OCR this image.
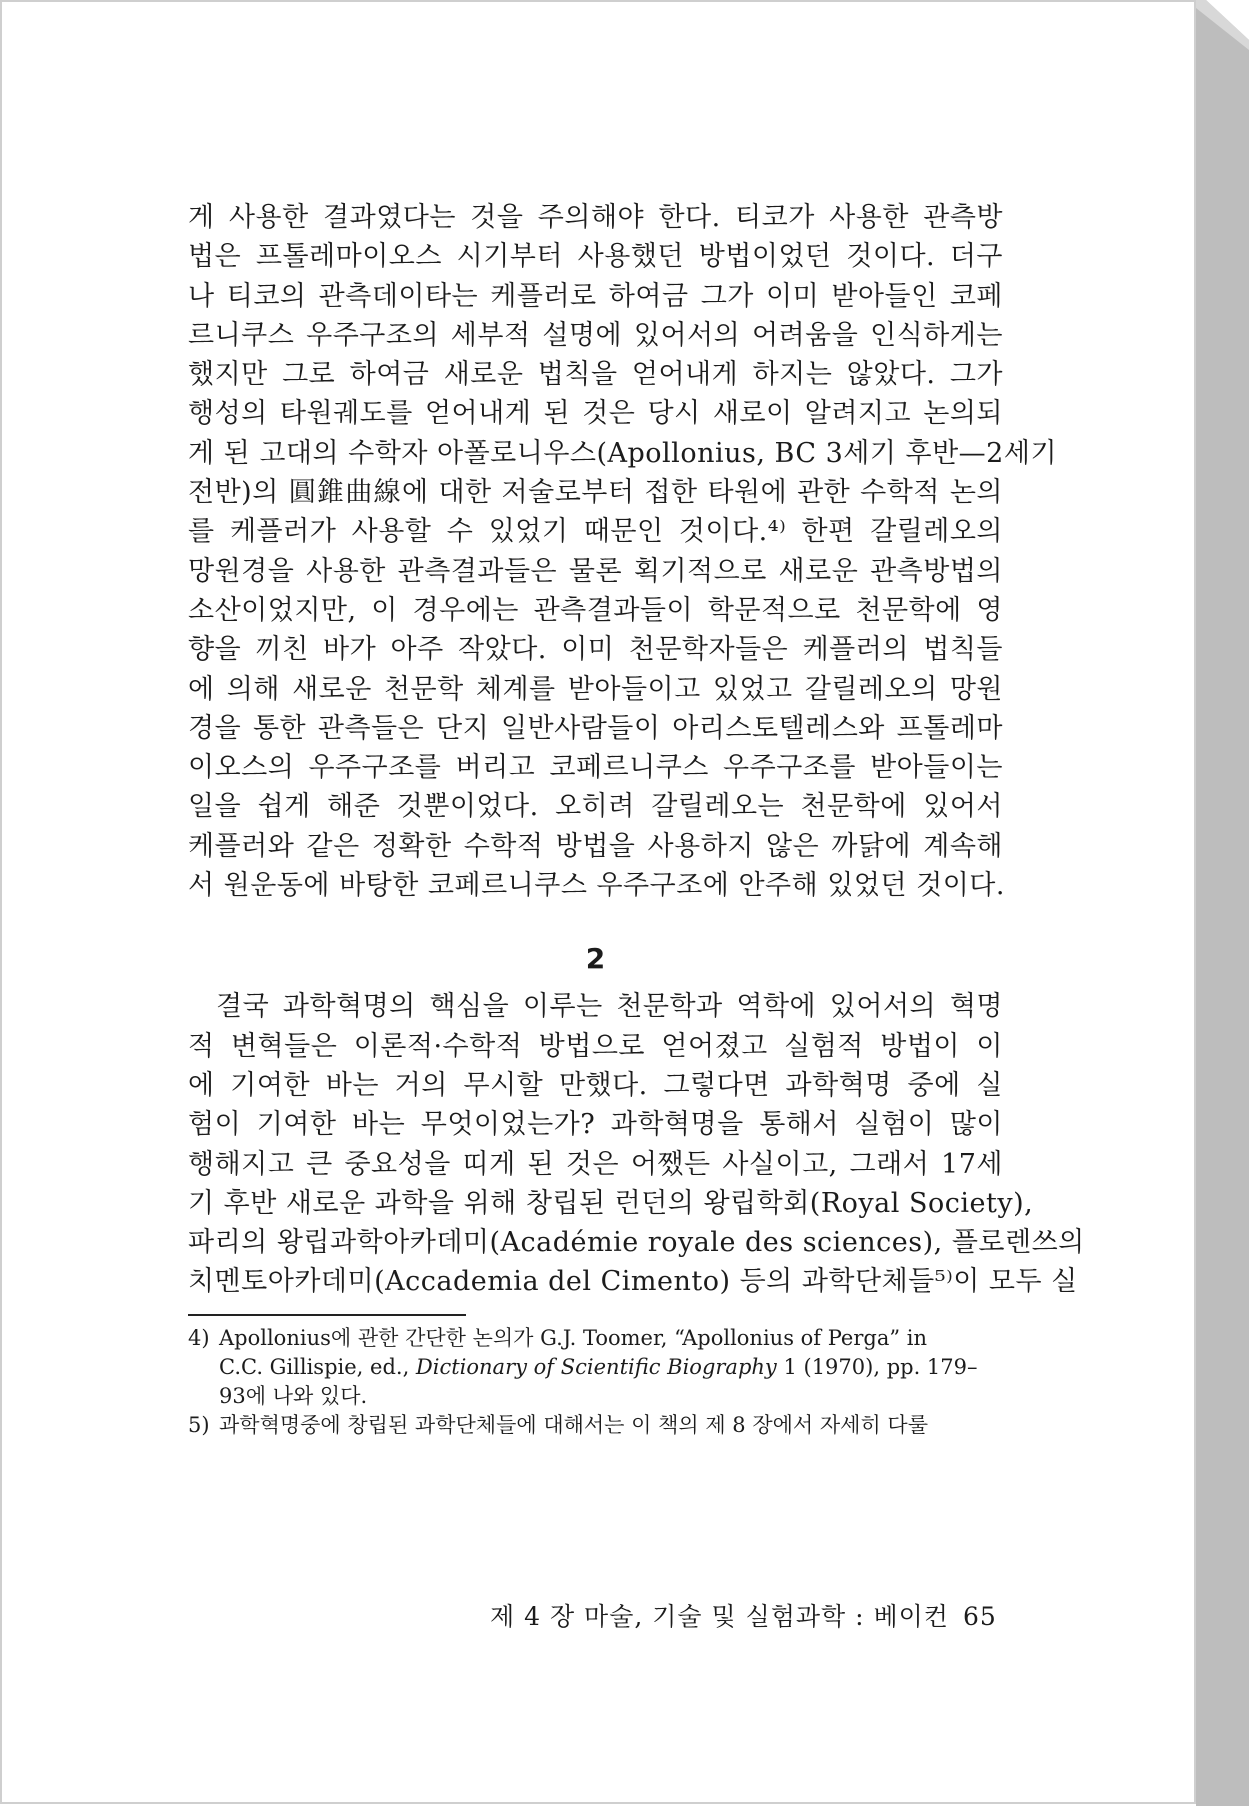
게 사용한 결과였다는 것을 주의해야 한다. 티코가 사용한 관측방
법은 프톨레마이오스 시기부터 사용했던 방법이었던 것이다. 더구
나 티코의 관측데이타는 케플러로 하여금 그가 이미 받아들인 코페
르니쿠스 우주구조의 세부적 설명에 있어서의 어려움을 인식하게는
했지만 그로 하여금 새로운 법칙을 얻어내게 하지는 않았다. 그가
행성의 타원궤도를 얻어내게 된 것은 당시 새로이 알려지고 논의되
게 된 고대의 수학자 아폴로니우스(Apollonius, BC 3세기 후반—2세기
전반)의 圓錐曲線에 대한 저술로부터 접한 타원에 관한 수학적 논의
를 케플러가 사용할 수 있었기 때문인 것이다.⁴⁾ 한편 갈릴레오의
망원경을 사용한 관측결과들은 물론 획기적으로 새로운 관측방법의
소산이었지만, 이 경우에는 관측결과들이 학문적으로 천문학에 영
향을 끼친 바가 아주 작았다. 이미 천문학자들은 케플러의 법칙들
에 의해 새로운 천문학 체계를 받아들이고 있었고 갈릴레오의 망원
경을 통한 관측들은 단지 일반사람들이 아리스토텔레스와 프톨레마
이오스의 우주구조를 버리고 코페르니쿠스 우주구조를 받아들이는
일을 쉽게 해준 것뿐이었다. 오히려 갈릴레오는 천문학에 있어서
케플러와 같은 정확한 수학적 방법을 사용하지 않은 까닭에 계속해
서 원운동에 바탕한 코페르니쿠스 우주구조에 안주해 있었던 것이다.

2

결국 과학혁명의 핵심을 이루는 천문학과 역학에 있어서의 혁명
적 변혁들은 이론적·수학적 방법으로 얻어졌고 실험적 방법이 이
에 기여한 바는 거의 무시할 만했다. 그렇다면 과학혁명 중에 실
험이 기여한 바는 무엇이었는가? 과학혁명을 통해서 실험이 많이
행해지고 큰 중요성을 띠게 된 것은 어쨌든 사실이고, 그래서 17세
기 후반 새로운 과학을 위해 창립된 런던의 왕립학회(Royal Society),
파리의 왕립과학아카데미(Académie royale des sciences), 플로렌쓰의
치멘토아카데미(Accademia del Cimento) 등의 과학단체들⁵⁾이 모두 실

4) Apollonius에 관한 간단한 논의가 G.J. Toomer, “Apollonius of Perga” in
C.C. Gillispie, ed., Dictionary of Scientific Biography 1 (1970), pp. 179–
93에 나와 있다.
5) 과학혁명중에 창립된 과학단체들에 대해서는 이 책의 제 8 장에서 자세히 다룰
제 4 장 마술, 기술 및 실험과학 : 베이컨 65
